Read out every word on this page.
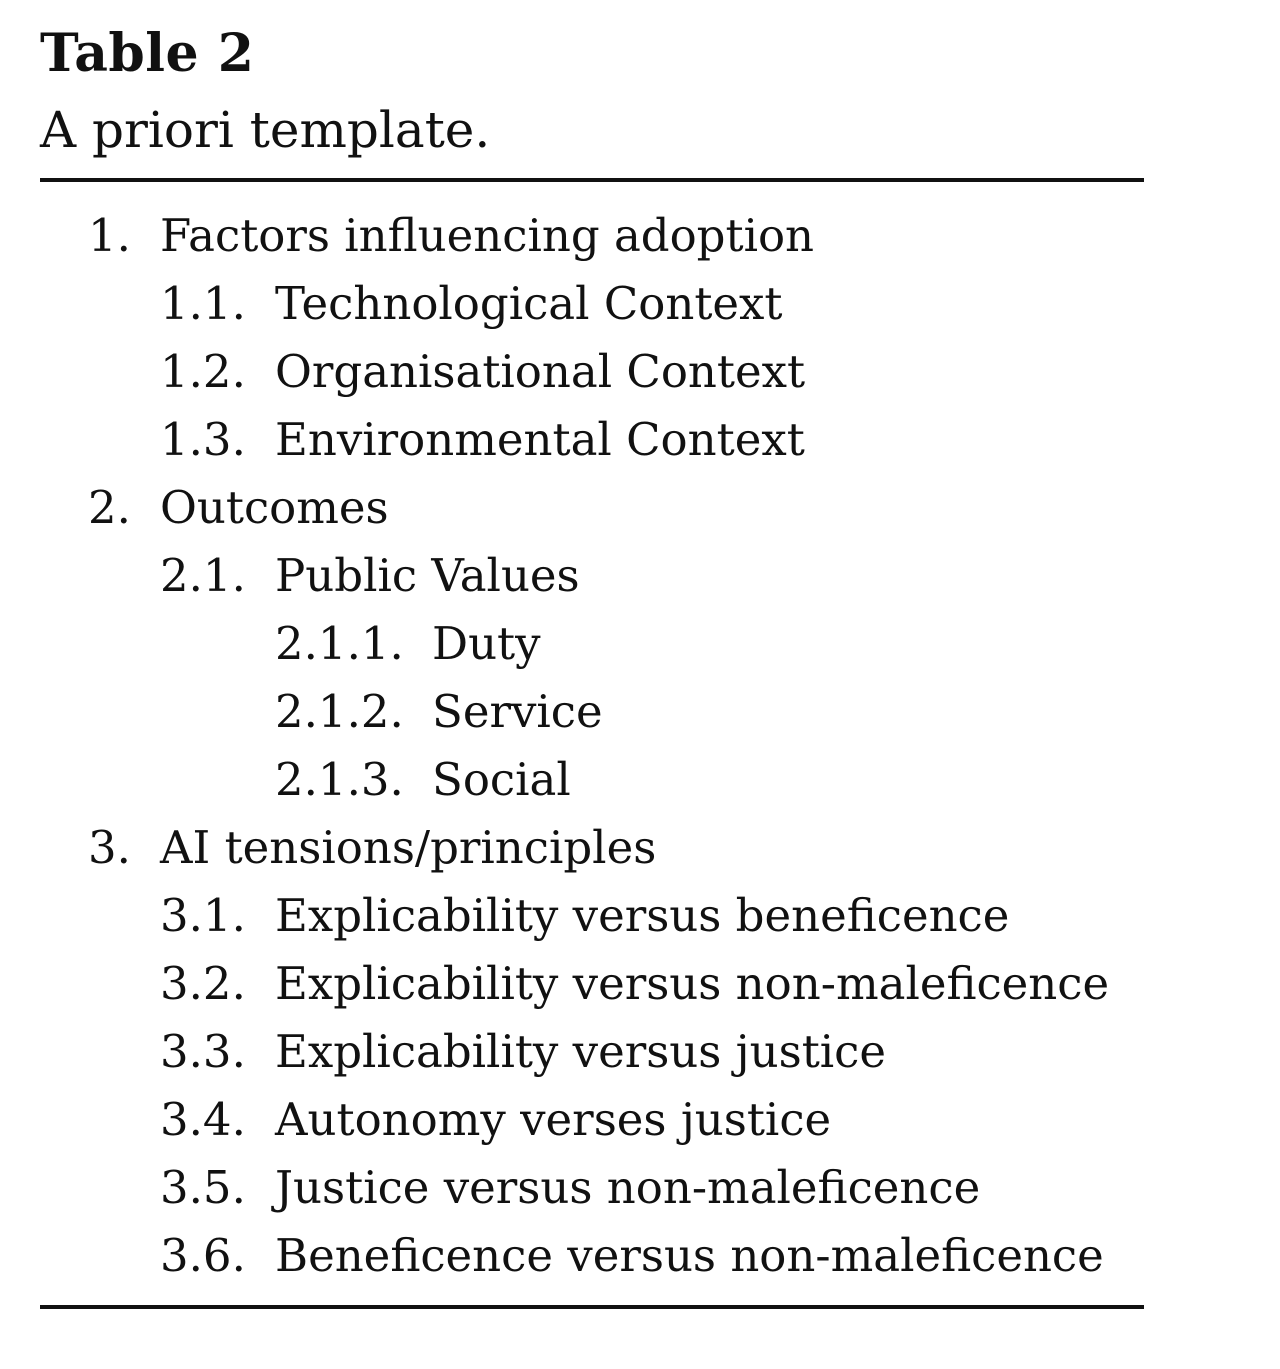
Table 2

A priori template.

1. Factors influencing adoption
1.1. Technological Context
1.2. Organisational Context
1.3. Environmental Context
2. Outcomes
2.1. Public Values
2.1.1. Duty
2.1.2. Service
2.1.3. Social
3. AI tensions/principles
3.1. Explicability versus beneficence
3.2. Explicability versus non-maleficence
3.3. Explicability versus justice
3.4. Autonomy verses justice
3.5. Justice versus non-maleficence
3.6. Beneficence versus non-maleficence
